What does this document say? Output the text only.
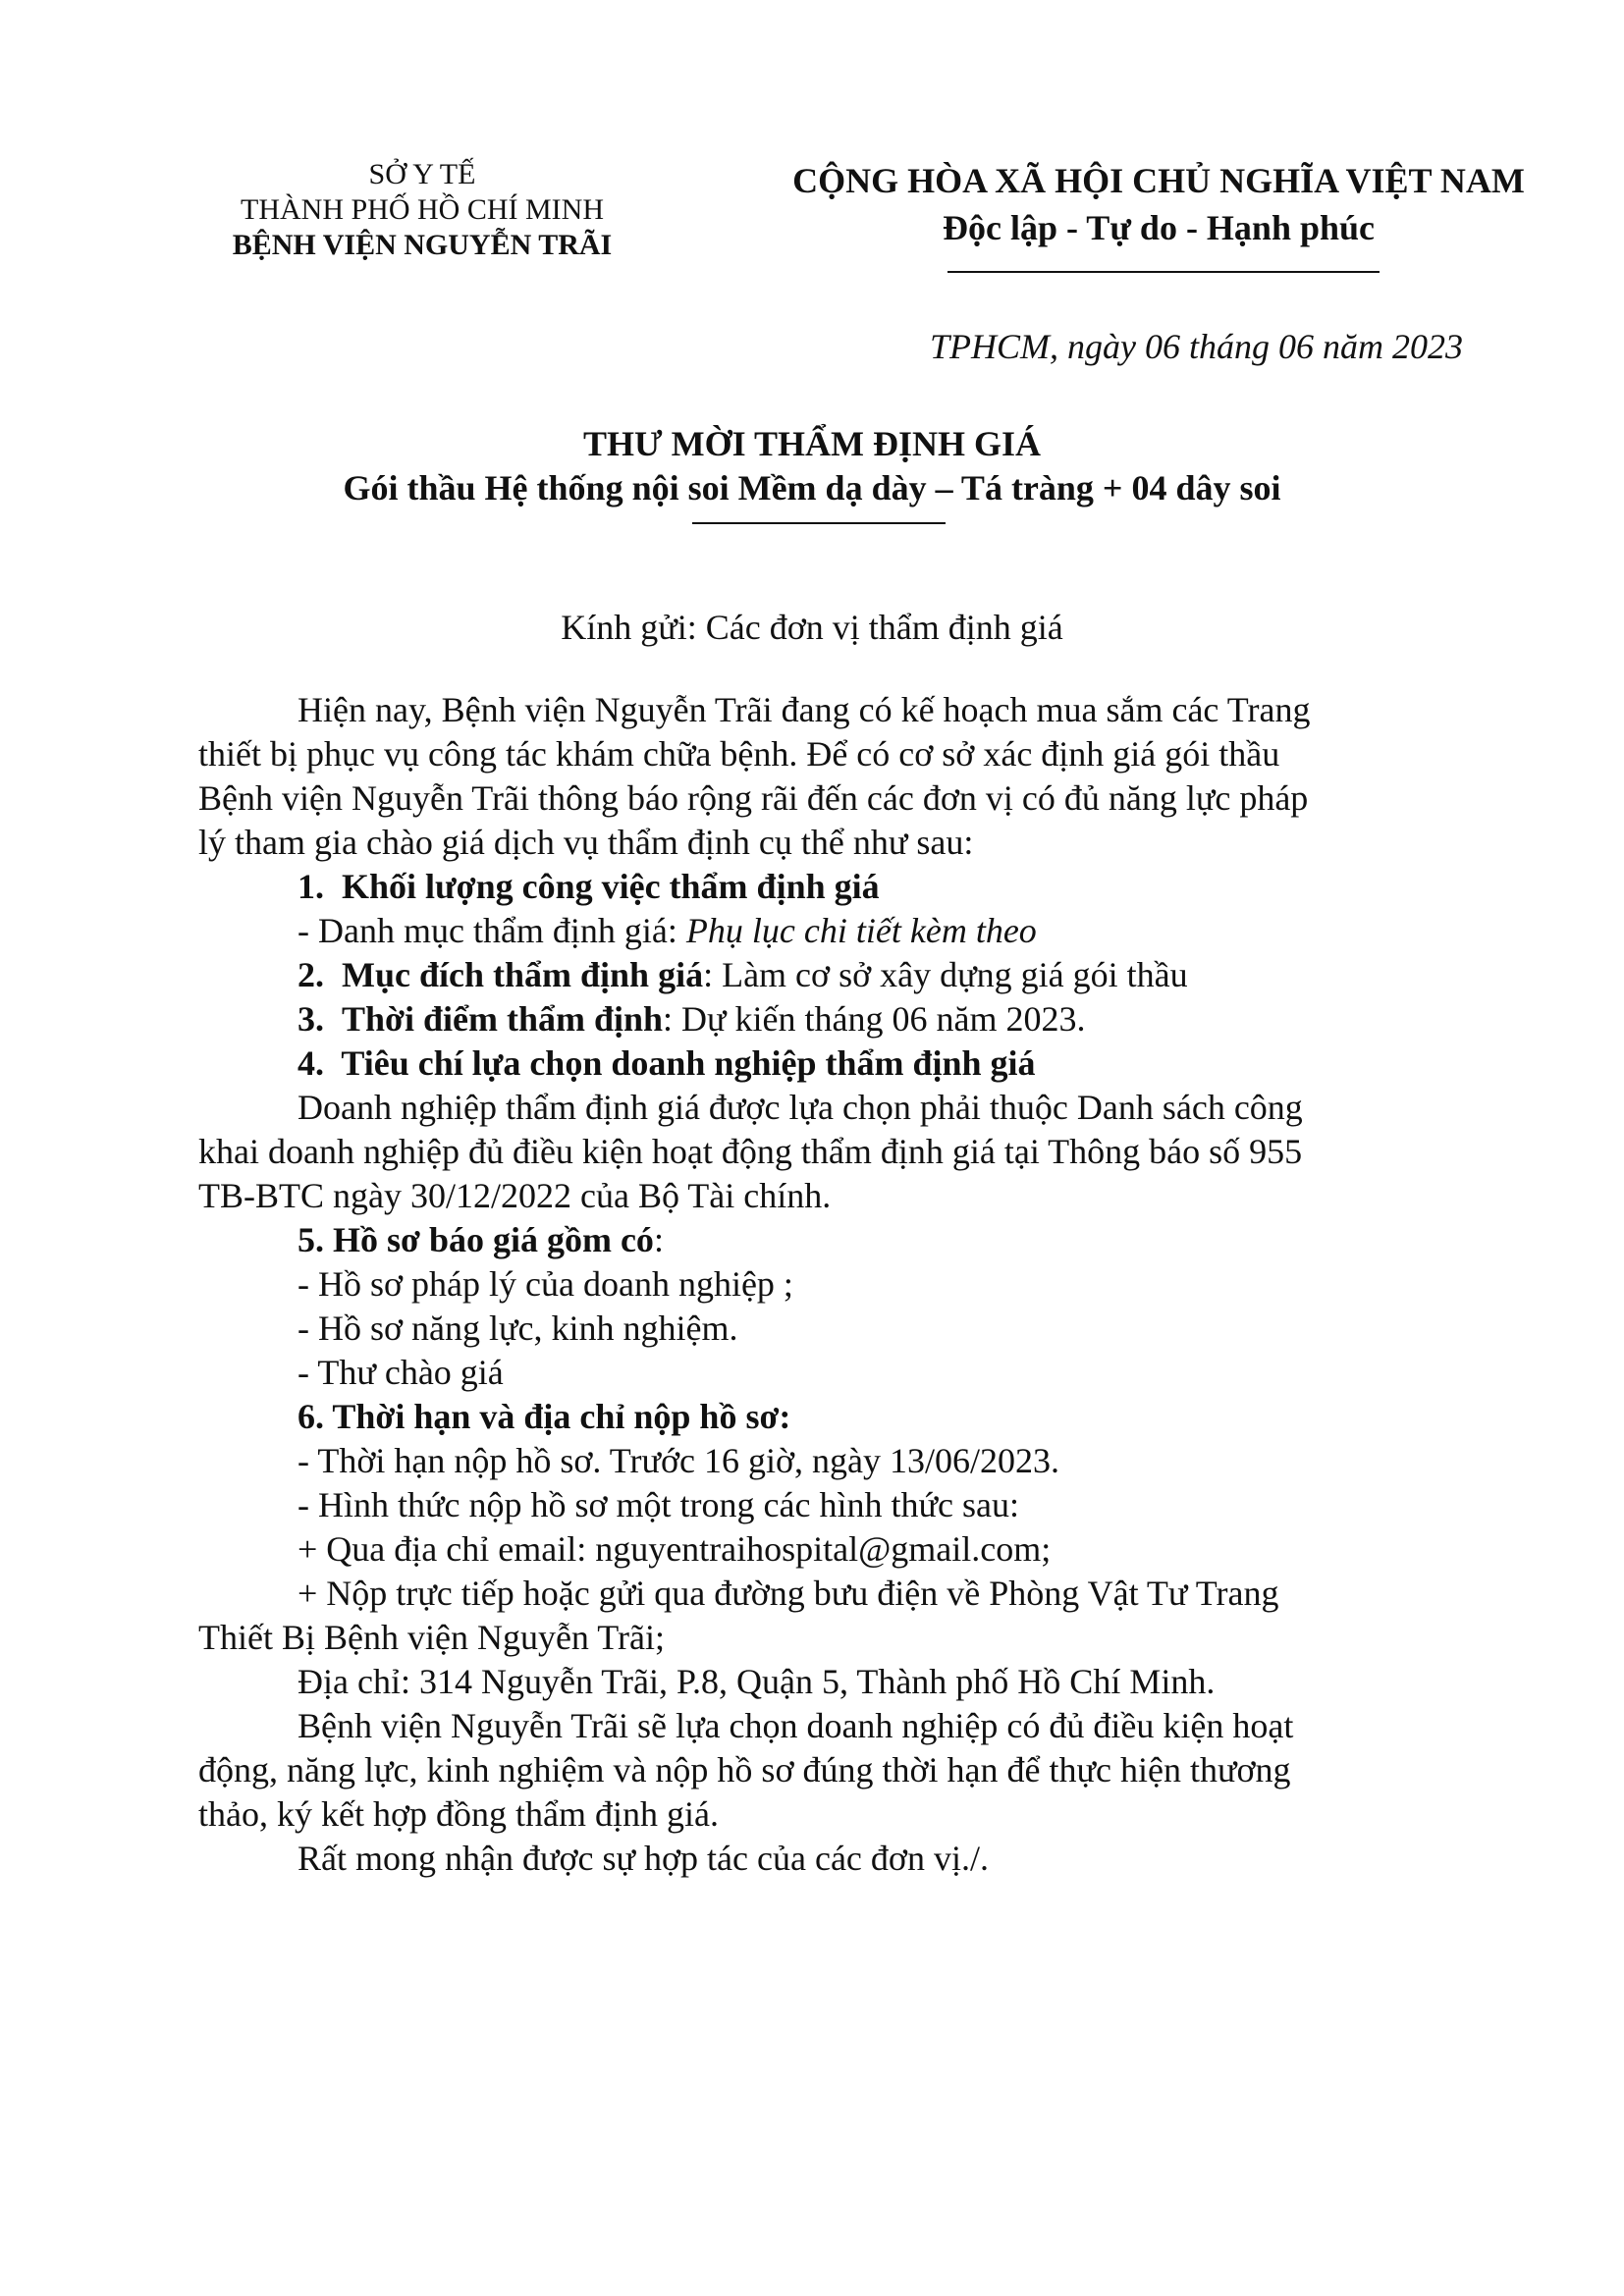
SỞ Y TẾ
THÀNH PHỐ HỒ CHÍ MINH
BỆNH VIỆN NGUYỄN TRÃI
CỘNG HÒA XÃ HỘI CHỦ NGHĨA VIỆT NAM
Độc lập - Tự do - Hạnh phúc
TPHCM, ngày 06 tháng 06 năm 2023
THƯ MỜI THẨM ĐỊNH GIÁ
Gói thầu Hệ thống nội soi Mềm dạ dày – Tá tràng + 04 dây soi
Kính gửi: Các đơn vị thẩm định giá
Hiện nay, Bệnh viện Nguyễn Trãi đang có kế hoạch mua sắm các Trang
thiết bị phục vụ công tác khám chữa bệnh. Để có cơ sở xác định giá gói thầu
Bệnh viện Nguyễn Trãi thông báo rộng rãi đến các đơn vị có đủ năng lực pháp
lý tham gia chào giá dịch vụ thẩm định cụ thể như sau:
1. Khối lượng công việc thẩm định giá
- Danh mục thẩm định giá: Phụ lục chi tiết kèm theo
2. Mục đích thẩm định giá: Làm cơ sở xây dựng giá gói thầu
3. Thời điểm thẩm định: Dự kiến tháng 06 năm 2023.
4. Tiêu chí lựa chọn doanh nghiệp thẩm định giá
Doanh nghiệp thẩm định giá được lựa chọn phải thuộc Danh sách công
khai doanh nghiệp đủ điều kiện hoạt động thẩm định giá tại Thông báo số 955
TB-BTC ngày 30/12/2022 của Bộ Tài chính.
5. Hồ sơ báo giá gồm có:
- Hồ sơ pháp lý của doanh nghiệp ;
- Hồ sơ năng lực, kinh nghiệm.
- Thư chào giá
6. Thời hạn và địa chỉ nộp hồ sơ:
- Thời hạn nộp hồ sơ. Trước 16 giờ, ngày 13/06/2023.
- Hình thức nộp hồ sơ một trong các hình thức sau:
+ Qua địa chỉ email: nguyentraihospital@gmail.com;
+ Nộp trực tiếp hoặc gửi qua đường bưu điện về Phòng Vật Tư Trang
Thiết Bị Bệnh viện Nguyễn Trãi;
Địa chỉ: 314 Nguyễn Trãi, P.8, Quận 5, Thành phố Hồ Chí Minh.
Bệnh viện Nguyễn Trãi sẽ lựa chọn doanh nghiệp có đủ điều kiện hoạt
động, năng lực, kinh nghiệm và nộp hồ sơ đúng thời hạn để thực hiện thương
thảo, ký kết hợp đồng thẩm định giá.
Rất mong nhận được sự hợp tác của các đơn vị./.
